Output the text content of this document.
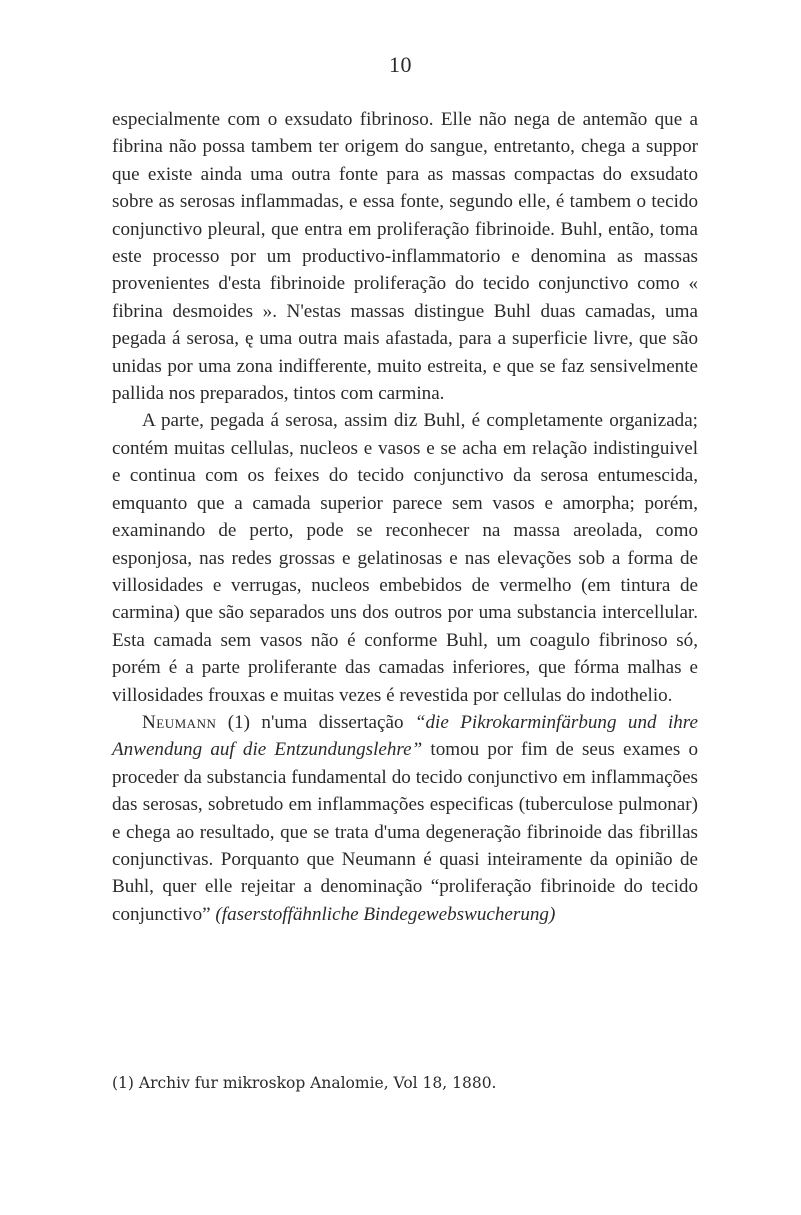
10

especialmente com o exsudato fibrinoso. Elle não nega de antemão que a fibrina não possa tambem ter origem do sangue, entretanto, chega a suppor que existe ainda uma outra fonte para as massas compactas do exsudato sobre as serosas inflammadas, e essa fonte, segundo elle, é tambem o tecido conjunctivo pleural, que entra em proliferação fibrinoide. Buhl, então, toma este processo por um productivo-inflammatorio e denomina as massas provenientes d'esta fibrinoide proliferação do tecido conjunctivo como « fibrina desmoides ». N'estas massas distingue Buhl duas camadas, uma pegada á serosa, ę uma outra mais afastada, para a superficie livre, que são unidas por uma zona indifferente, muito estreita, e que se faz sensivelmente pallida nos preparados, tintos com carmina.

A parte, pegada á serosa, assim diz Buhl, é completamente organizada; contém muitas cellulas, nucleos e vasos e se acha em relação indistinguivel e continua com os feixes do tecido conjunctivo da serosa entumescida, emquanto que a camada superior parece sem vasos e amorpha; porém, examinando de perto, pode se reconhecer na massa areolada, como esponjosa, nas redes grossas e gelatinosas e nas elevações sob a forma de villosidades e verrugas, nucleos embebidos de vermelho (em tintura de carmina) que são separados uns dos outros por uma substancia intercellular. Esta camada sem vasos não é conforme Buhl, um coagulo fibrinoso só, porém é a parte proliferante das camadas inferiores, que fórma malhas e villosidades frouxas e muitas vezes é revestida por cellulas do indothelio.

Neumann (1) n'uma dissertação “die Pikrokarminfärbung und ihre Anwendung auf die Entzundungslehre” tomou por fim de seus exames o proceder da substancia fundamental do tecido conjunctivo em inflammações das serosas, sobretudo em inflammações especificas (tuberculose pulmonar) e chega ao resultado, que se trata d'uma degeneração fibrinoide das fibrillas conjunctivas. Porquanto que Neumann é quasi inteiramente da opinião de Buhl, quer elle rejeitar a denominação “proliferação fibrinoide do tecido conjunctivo” (faserstoffähnliche Bindegewebswucherung)

(1) Archiv fur mikroskop Analomie, Vol 18, 1880.
